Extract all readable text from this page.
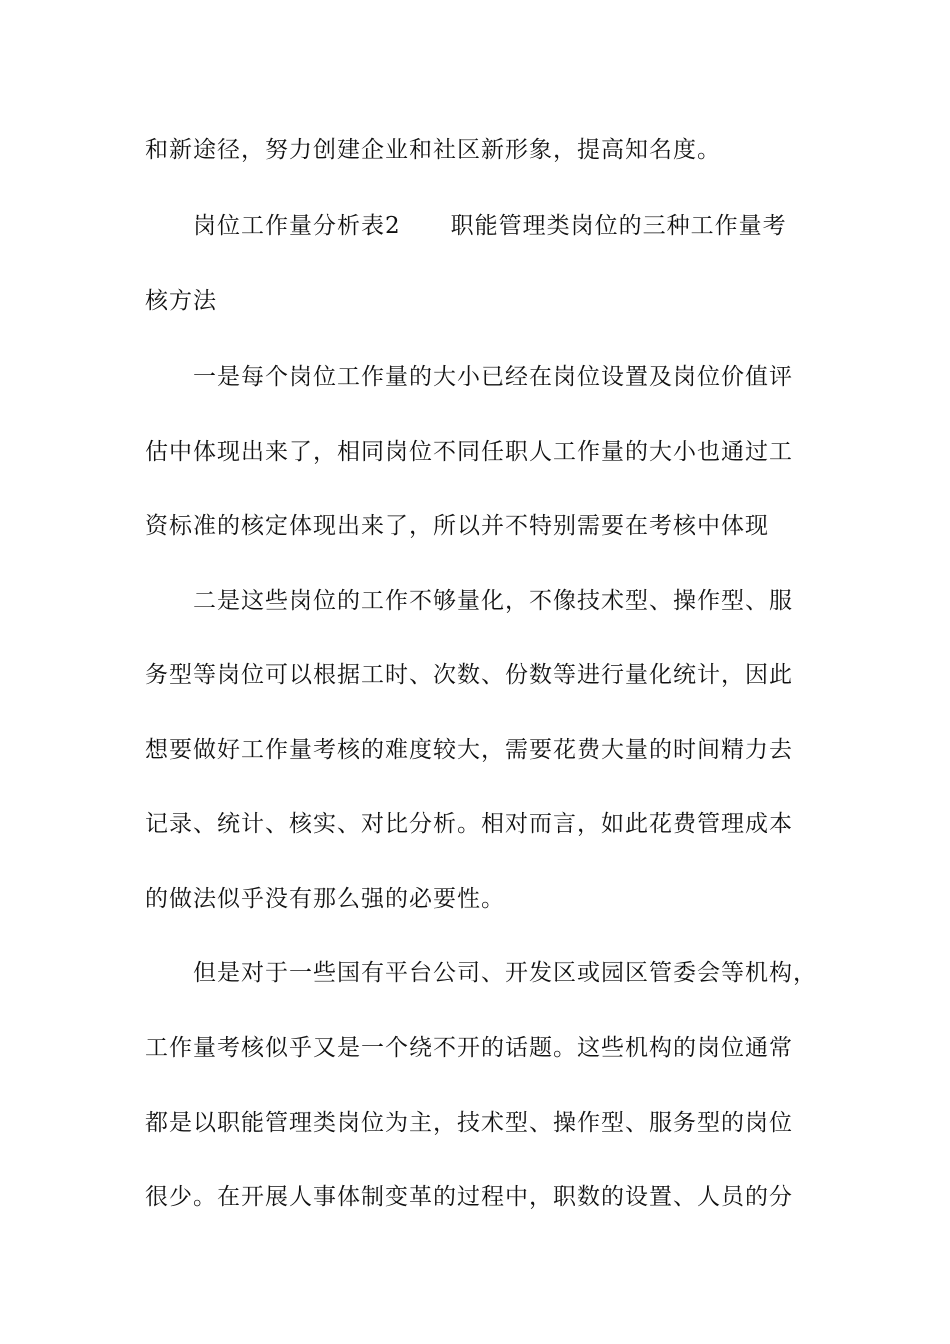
和新途径，努力创建企业和社区新形象，提高知名度。
岗位工作量分析表2 职能管理类岗位的三种工作量考
核方法
一是每个岗位工作量的大小已经在岗位设置及岗位价值评
估中体现出来了，相同岗位不同任职人工作量的大小也通过工
资标准的核定体现出来了，所以并不特别需要在考核中体现
二是这些岗位的工作不够量化，不像技术型、操作型、服
务型等岗位可以根据工时、次数、份数等进行量化统计，因此
想要做好工作量考核的难度较大，需要花费大量的时间精力去
记录、统计、核实、对比分析。相对而言，如此花费管理成本
的做法似乎没有那么强的必要性。
但是对于一些国有平台公司、开发区或园区管委会等机构，
工作量考核似乎又是一个绕不开的话题。这些机构的岗位通常
都是以职能管理类岗位为主，技术型、操作型、服务型的岗位
很少。在开展人事体制变革的过程中，职数的设置、人员的分
